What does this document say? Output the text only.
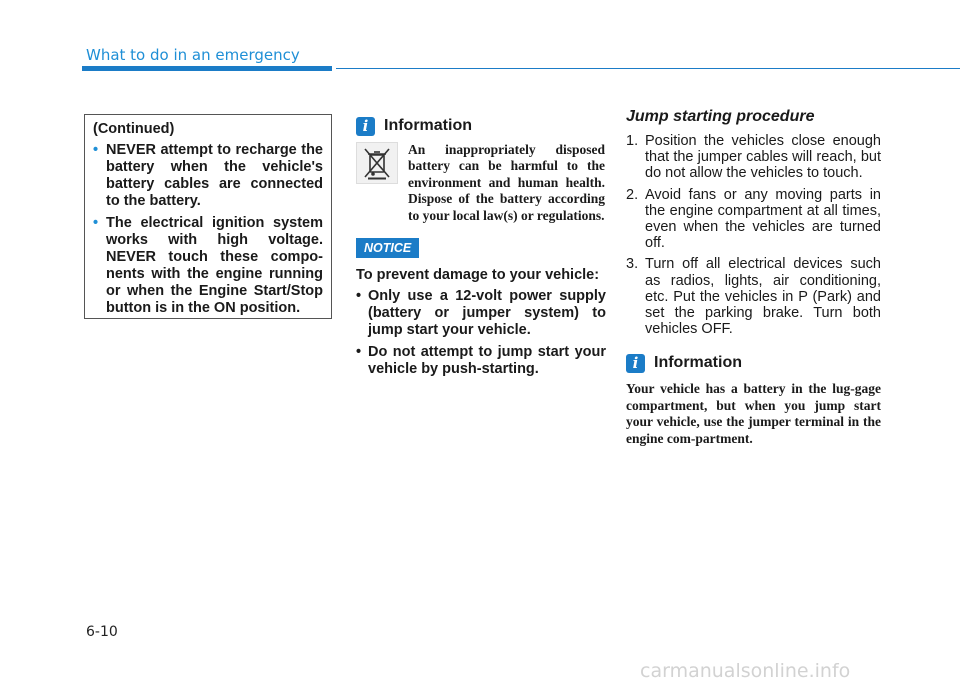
What to do in an emergency

(Continued)

• NEVER attempt to recharge the battery when the vehicle's battery cables are connected to the battery.
• The electrical ignition system works with high voltage. NEVER touch these compo-nents with the engine running or when the Engine Start/Stop button is in the ON position.
i Information
An inappropriately disposed battery can be harmful to the environment and human health. Dispose of the battery according to your local law(s) or regulations.
NOTICE
To prevent damage to your vehicle:
• Only use a 12-volt power supply (battery or jumper system) to jump start your vehicle.
• Do not attempt to jump start your vehicle by push-starting.
Jump starting procedure
1. Position the vehicles close enough that the jumper cables will reach, but do not allow the vehicles to touch.
2. Avoid fans or any moving parts in the engine compartment at all times, even when the vehicles are turned off.
3. Turn off all electrical devices such as radios, lights, air conditioning, etc. Put the vehicles in P (Park) and set the parking brake. Turn both vehicles OFF.
i Information
Your vehicle has a battery in the lug-gage compartment, but when you jump start your vehicle, use the jumper terminal in the engine com-partment.
6-10
carmanualsonline.info
